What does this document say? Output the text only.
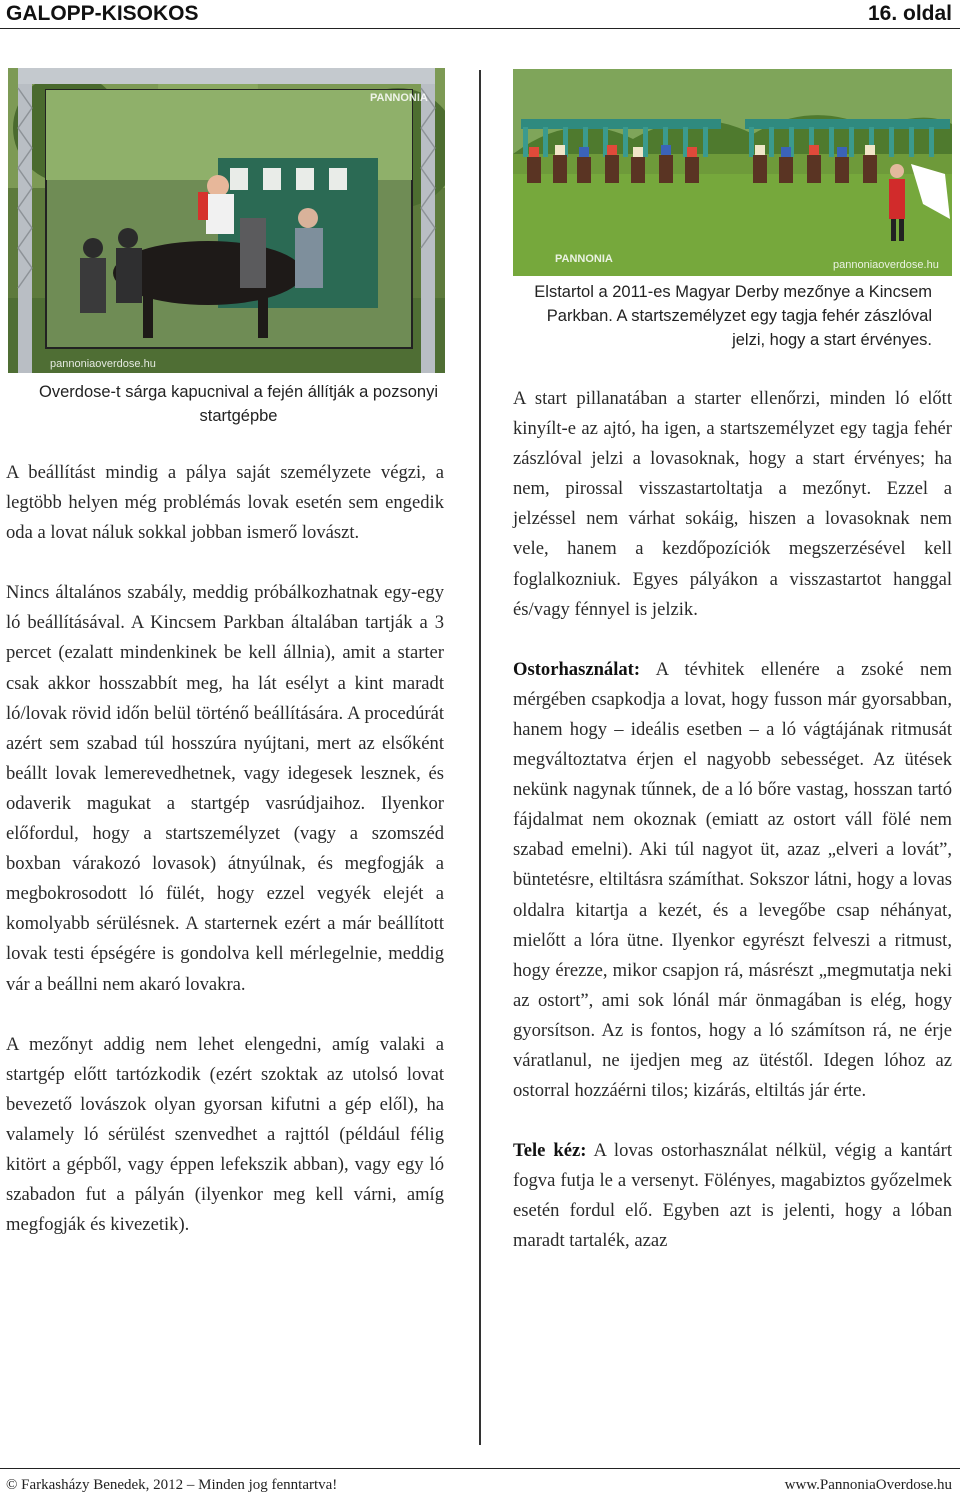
GALOPP-KISOKOS	16. oldal
PANNONIA
pannoniaoverdose.hu
PANNONIA	pannoniaoverdose.hu
Overdose-t sárga kapucnival a fején állítják a pozsonyi startgépbe
Elstartol a 2011-es Magyar Derby mezőnye a Kincsem Parkban. A startszemélyzet egy tagja fehér zászlóval jelzi, hogy a start érvényes.

A beállítást mindig a pálya saját személyzete végzi, a legtöbb helyen még problémás lovak esetén sem engedik oda a lovat náluk sokkal jobban ismerő lovászt.

Nincs általános szabály, meddig próbálkozhatnak egy-egy ló beállításával. A Kincsem Parkban általában tartják a 3 percet (ezalatt mindenkinek be kell állnia), amit a starter csak akkor hosszabbít meg, ha lát esélyt a kint maradt ló/lovak rövid időn belül történő beállítására. A procedúrát azért sem szabad túl hosszúra nyújtani, mert az elsőként beállt lovak lemerevedhetnek, vagy idegesek lesznek, és odaverik magukat a startgép vasrúdjaihoz. Ilyenkor előfordul, hogy a startszemélyzet (vagy a szomszéd boxban várakozó lovasok) átnyúlnak, és megfogják a megbokrosodott ló fülét, hogy ezzel vegyék elejét a komolyabb sérülésnek. A starternek ezért a már beállított lovak testi épségére is gondolva kell mérlegelnie, meddig vár a beállni nem akaró lovakra.

A mezőnyt addig nem lehet elengedni, amíg valaki a startgép előtt tartózkodik (ezért szoktak az utolsó lovat bevezető lovászok olyan gyorsan kifutni a gép elől), ha valamely ló sérülést szenvedhet a rajttól (például félig kitört a gépből, vagy éppen lefekszik abban), vagy egy ló szabadon fut a pályán (ilyenkor meg kell várni, amíg megfogják és kivezetik).

A start pillanatában a starter ellenőrzi, minden ló előtt kinyílt-e az ajtó, ha igen, a startszemélyzet egy tagja fehér zászlóval jelzi a lovasoknak, hogy a start érvényes; ha nem, pirossal visszastartoltatja a mezőnyt. Ezzel a jelzéssel nem várhat sokáig, hiszen a lovasoknak nem vele, hanem a kezdőpozíciók megszerzésével kell foglalkozniuk. Egyes pályákon a visszastartot hanggal és/vagy fénnyel is jelzik.

Ostorhasználat: A tévhitek ellenére a zsoké nem mérgében csapkodja a lovat, hogy fusson már gyorsabban, hanem hogy – ideális esetben – a ló vágtájának ritmusát megváltoztatva érjen el nagyobb sebességet. Az ütések nekünk nagynak tűnnek, de a ló bőre vastag, hosszan tartó fájdalmat nem okoznak (emiatt az ostort váll fölé nem szabad emelni). Aki túl nagyot üt, azaz „elveri a lovát”, büntetésre, eltiltásra számíthat. Sokszor látni, hogy a lovas oldalra kitartja a kezét, és a levegőbe csap néhányat, mielőtt a lóra ütne. Ilyenkor egyrészt felveszi a ritmust, hogy érezze, mikor csapjon rá, másrészt „megmutatja neki az ostort”, ami sok lónál már önmagában is elég, hogy gyorsítson. Az is fontos, hogy a ló számítson rá, ne érje váratlanul, ne ijedjen meg az ütéstől. Idegen lóhoz az ostorral hozzáérni tilos; kizárás, eltiltás jár érte.

Tele kéz: A lovas ostorhasználat nélkül, végig a kantárt fogva futja le a versenyt. Fölényes, magabiztos győzelmek esetén fordul elő. Egyben azt is jelenti, hogy a lóban maradt tartalék, azaz

© Farkasházy Benedek, 2012 – Minden jog fenntartva!	www.PannoniaOverdose.hu
